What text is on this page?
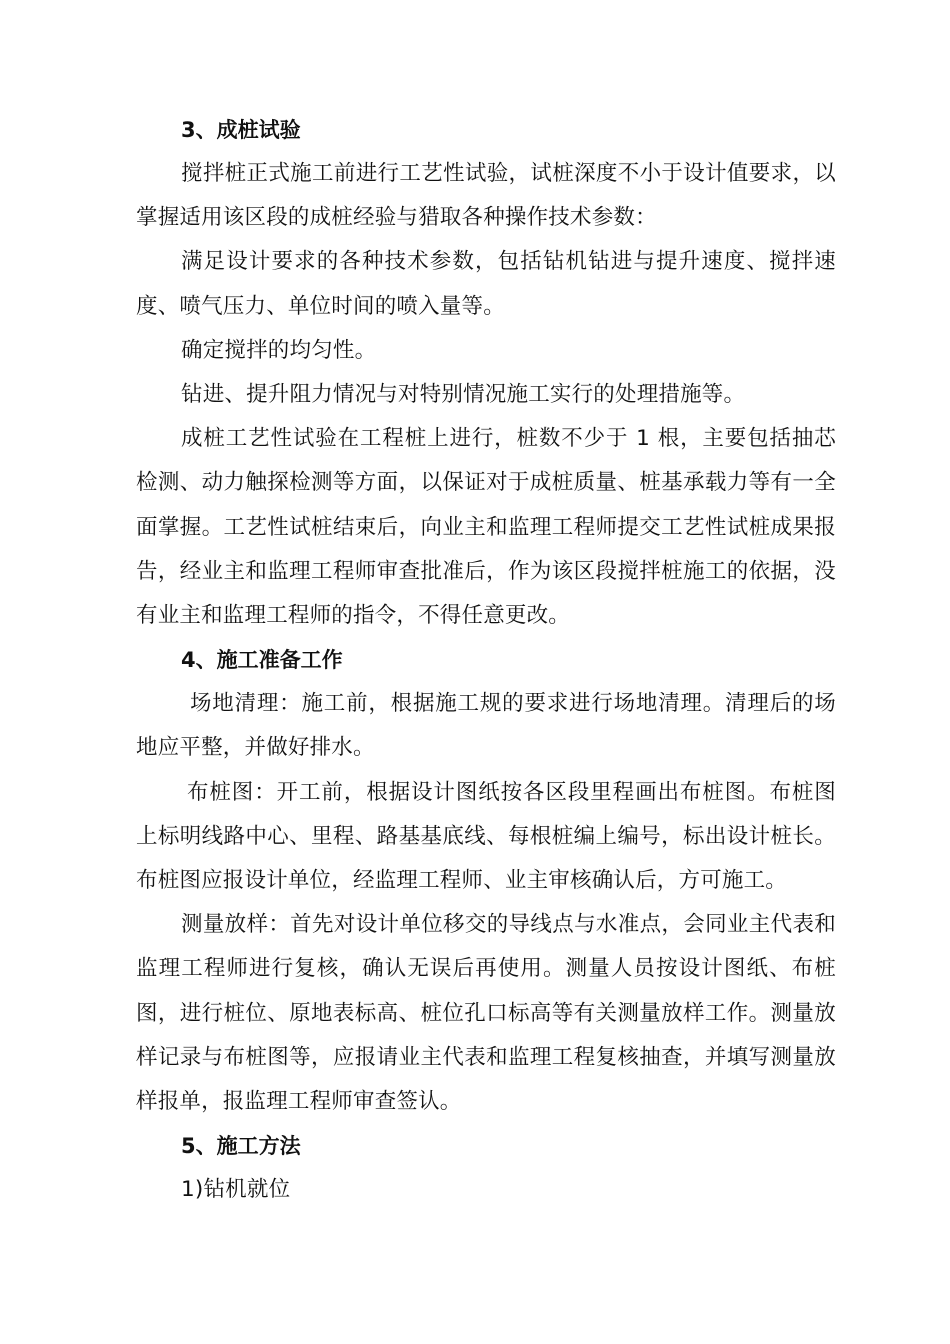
3、成桩试验

搅拌桩正式施工前进行工艺性试验，试桩深度不小于设计值要求，以掌握适用该区段的成桩经验与猎取各种操作技术参数：

满足设计要求的各种技术参数，包括钻机钻进与提升速度、搅拌速度、喷气压力、单位时间的喷入量等。

确定搅拌的均匀性。

钻进、提升阻力情况与对特别情况施工实行的处理措施等。

成桩工艺性试验在工程桩上进行，桩数不少于 1 根，主要包括抽芯检测、动力触探检测等方面，以保证对于成桩质量、桩基承载力等有一全面掌握。工艺性试桩结束后，向业主和监理工程师提交工艺性试桩成果报告，经业主和监理工程师审查批准后，作为该区段搅拌桩施工的依据，没有业主和监理工程师的指令，不得任意更改。

4、施工准备工作

场地清理：施工前，根据施工规的要求进行场地清理。清理后的场地应平整，并做好排水。

布桩图：开工前，根据设计图纸按各区段里程画出布桩图。布桩图上标明线路中心、里程、路基基底线、每根桩编上编号，标出设计桩长。布桩图应报设计单位，经监理工程师、业主审核确认后，方可施工。

测量放样：首先对设计单位移交的导线点与水准点，会同业主代表和监理工程师进行复核，确认无误后再使用。测量人员按设计图纸、布桩图，进行桩位、原地表标高、桩位孔口标高等有关测量放样工作。测量放样记录与布桩图等，应报请业主代表和监理工程复核抽查，并填写测量放样报单，报监理工程师审查签认。

5、施工方法

1)钻机就位
